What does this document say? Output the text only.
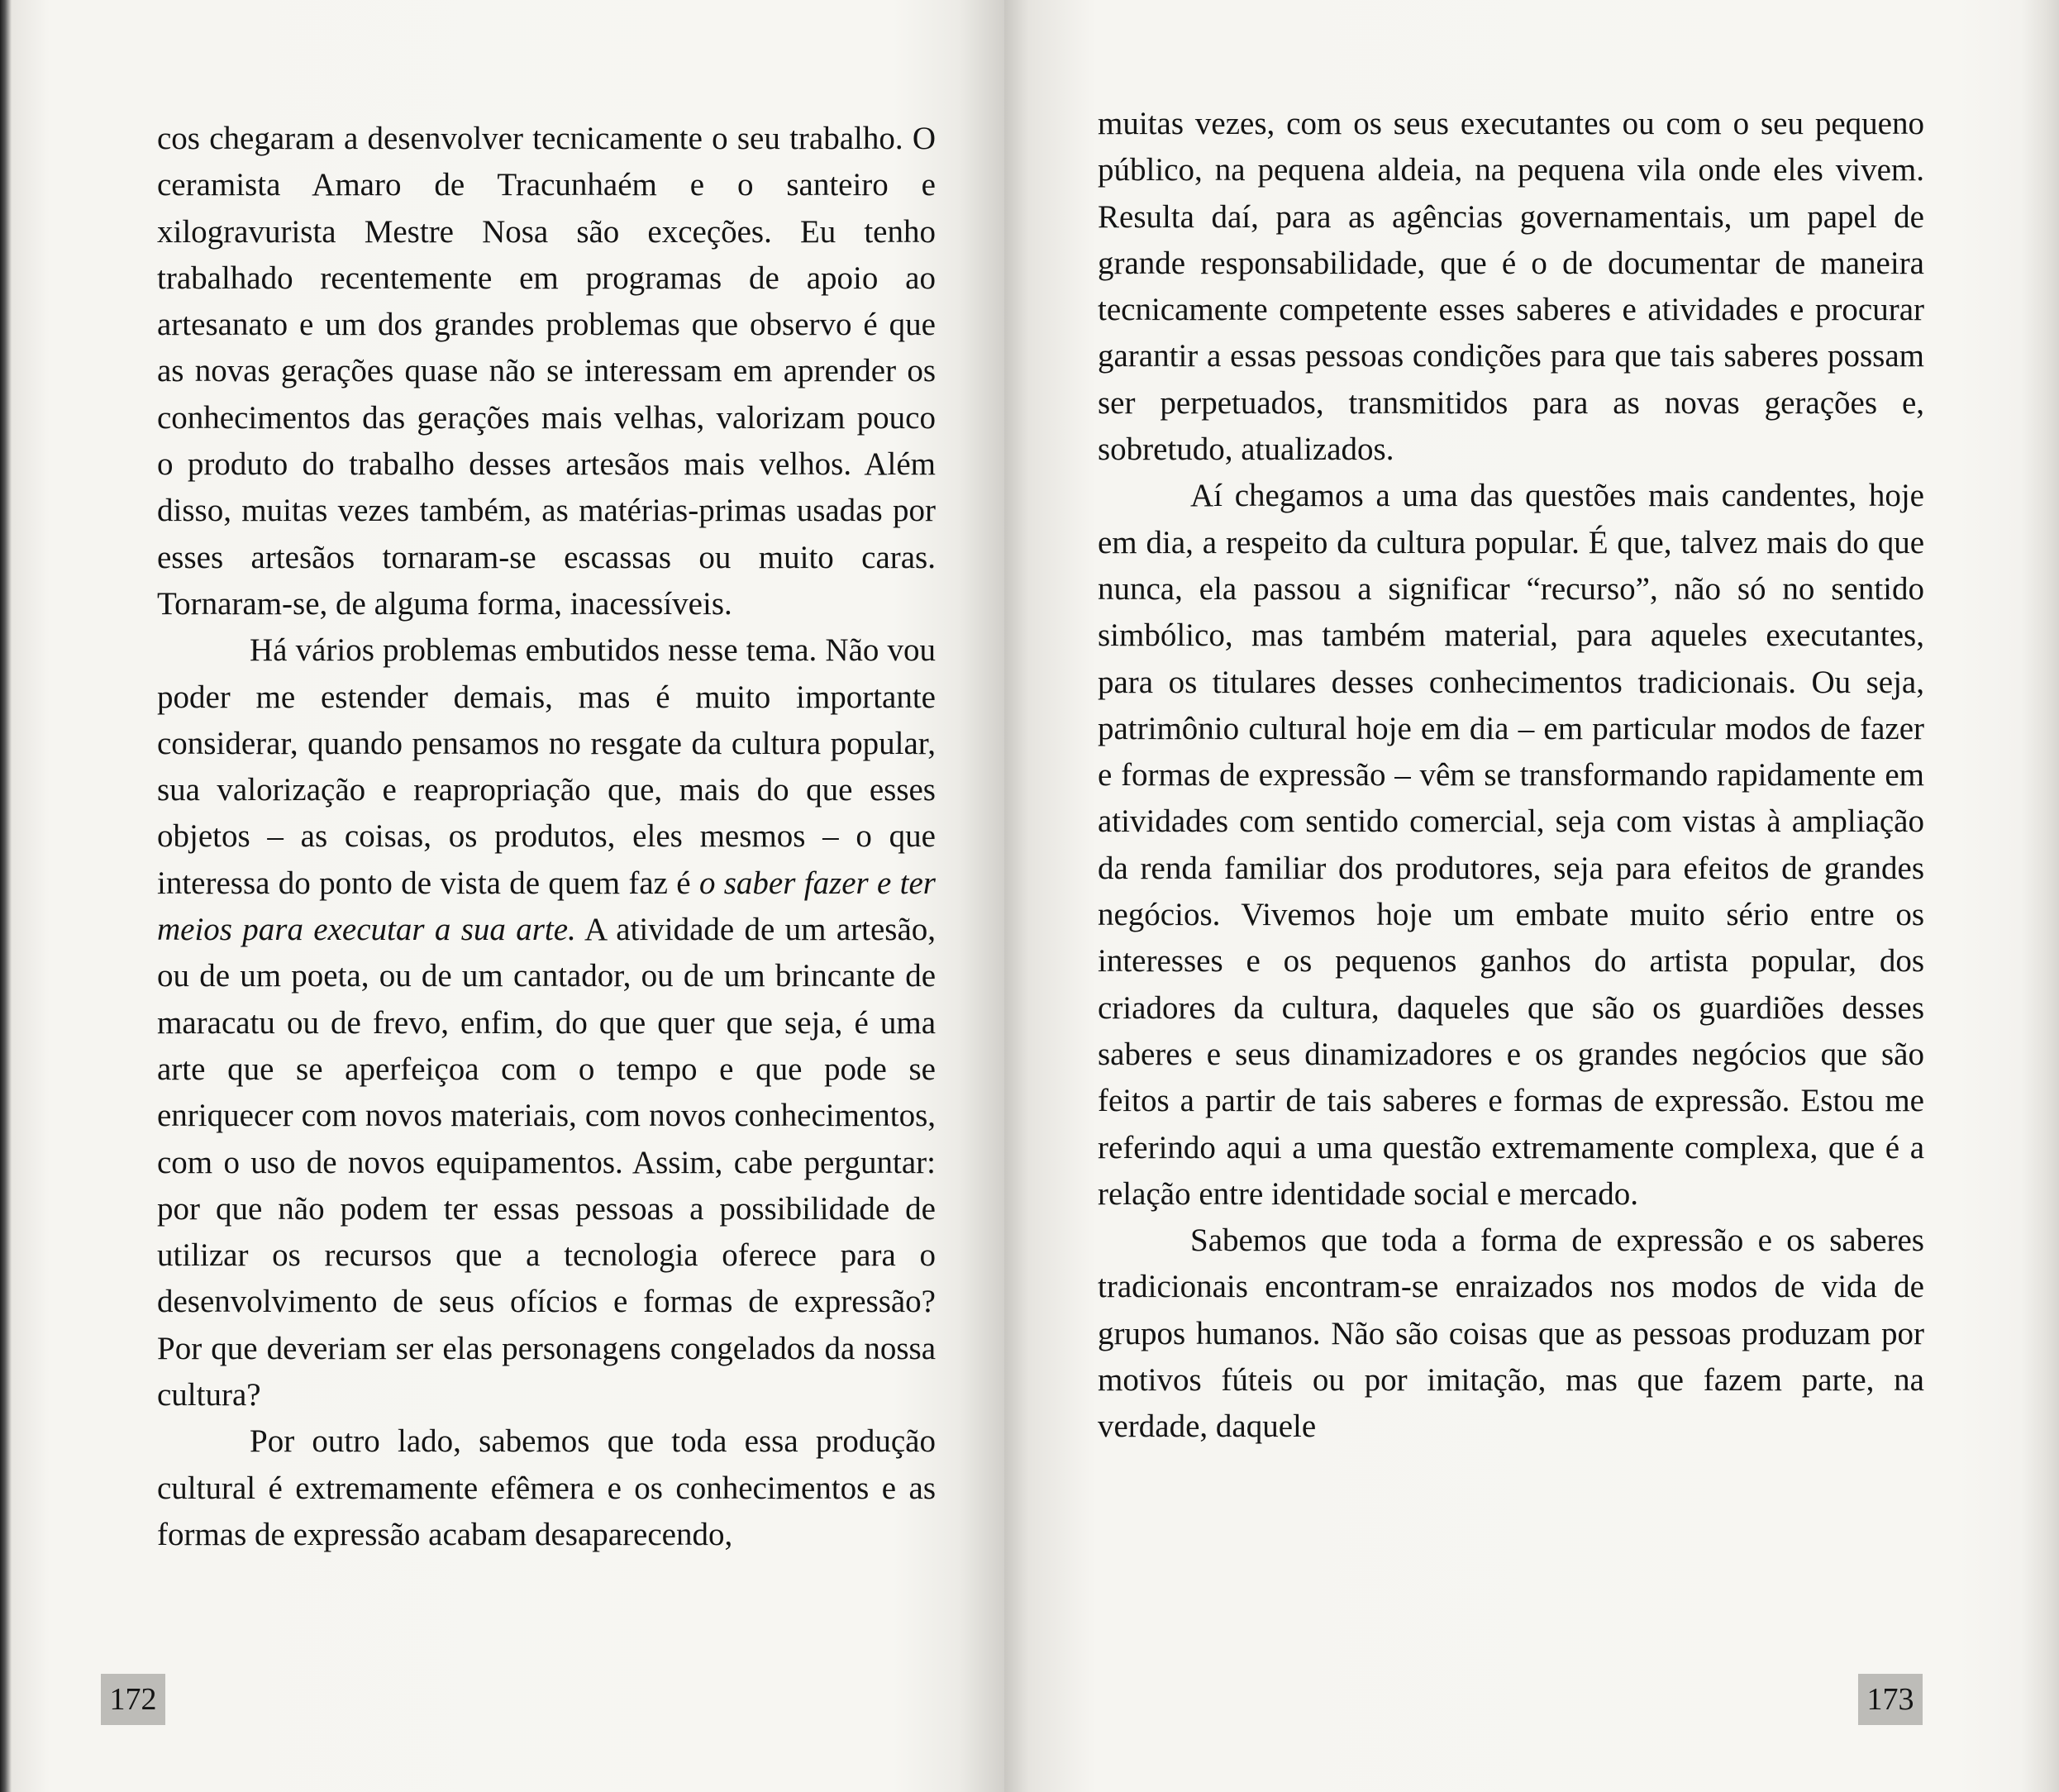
cos chegaram a desenvolver tecnicamente o seu trabalho. O ceramista Amaro de Tracunhaém e o santeiro e xilogravurista Mestre Nosa são exceções. Eu tenho trabalhado recentemente em programas de apoio ao artesanato e um dos grandes problemas que observo é que as novas gerações quase não se interessam em aprender os conhecimentos das gerações mais velhas, valorizam pouco o produto do trabalho desses artesãos mais velhos. Além disso, muitas vezes também, as matérias-primas usadas por esses artesãos tornaram-se escassas ou muito caras. Tornaram-se, de alguma forma, inacessíveis.

Há vários problemas embutidos nesse tema. Não vou poder me estender demais, mas é muito importante considerar, quando pensamos no resgate da cultura popular, sua valorização e reapropriação que, mais do que esses objetos – as coisas, os produtos, eles mesmos – o que interessa do ponto de vista de quem faz é o saber fazer e ter meios para executar a sua arte. A atividade de um artesão, ou de um poeta, ou de um cantador, ou de um brincante de maracatu ou de frevo, enfim, do que quer que seja, é uma arte que se aperfeiçoa com o tempo e que pode se enriquecer com novos materiais, com novos conhecimentos, com o uso de novos equipamentos. Assim, cabe perguntar: por que não podem ter essas pessoas a possibilidade de utilizar os recursos que a tecnologia oferece para o desenvolvimento de seus ofícios e formas de expressão? Por que deveriam ser elas personagens congelados da nossa cultura?

Por outro lado, sabemos que toda essa produção cultural é extremamente efêmera e os conhecimentos e as formas de expressão acabam desaparecendo,

172

muitas vezes, com os seus executantes ou com o seu pequeno público, na pequena aldeia, na pequena vila onde eles vivem. Resulta daí, para as agências governamentais, um papel de grande responsabilidade, que é o de documentar de maneira tecnicamente competente esses saberes e atividades e procurar garantir a essas pessoas condições para que tais saberes possam ser perpetuados, transmitidos para as novas gerações e, sobretudo, atualizados.

Aí chegamos a uma das questões mais candentes, hoje em dia, a respeito da cultura popular. É que, talvez mais do que nunca, ela passou a significar “recurso”, não só no sentido simbólico, mas também material, para aqueles executantes, para os titulares desses conhecimentos tradicionais. Ou seja, patrimônio cultural hoje em dia – em particular modos de fazer e formas de expressão – vêm se transformando rapidamente em atividades com sentido comercial, seja com vistas à ampliação da renda familiar dos produtores, seja para efeitos de grandes negócios. Vivemos hoje um embate muito sério entre os interesses e os pequenos ganhos do artista popular, dos criadores da cultura, daqueles que são os guardiões desses saberes e seus dinamizadores e os grandes negócios que são feitos a partir de tais saberes e formas de expressão. Estou me referindo aqui a uma questão extremamente complexa, que é a relação entre identidade social e mercado.

Sabemos que toda a forma de expressão e os saberes tradicionais encontram-se enraizados nos modos de vida de grupos humanos. Não são coisas que as pessoas produzam por motivos fúteis ou por imitação, mas que fazem parte, na verdade, daquele

173
